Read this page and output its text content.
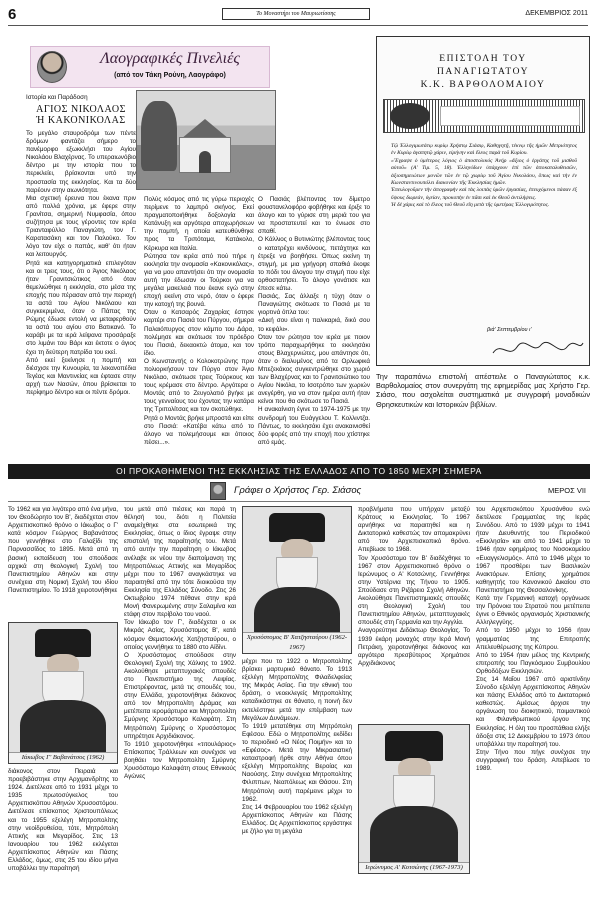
6	Το Μοναστήρι του Μαυριωτίσσης	ΔΕΚΕΜΒΡΙΟΣ 2011
Λαογραφικές Πινελιές
(από τον Τάκη Ρούνη, Λαογράφο)
Ιστορία και Παράδοση
ΑΓΙΟΣ ΝΙΚΟΛΑΟΣ
Ή ΚΑΚΟΝΙΚΟΛΑΣ
Το μεγάλο σταυροδρόμι των πέντε δρόμων φαντάζει σήμερο το πανέμορφο εξωκκλήσι του Αγίου Νικολάου Βλαχέρνας. Το υπεραιωνόβιο δέντρο με την ιστορία που το περικλείει, βρίσκονται υπό την προστασία της εκκλησίας. Και τα δύο παρέουν στην αιωνιότητα.
Μια σχετική έρευνα που έκανα πριν από πολλά χρόνια, με έφερε στην Γρανίτσα, σημερινή Νυμφασία, όπου συζήτησα με τους γέροντες τον ιερέα Τριανταφύλλο Παναγιώτη, τον Γ. Καρατασάκη και τον Παλούκο. Τον λόγο τον είχε ο παπάς, καθ' ότι ήταν και λειτουργός.
Ρητά και κατηγορηματικά επιλεγόταν και οι τρεις τους, ότι ο Άγιος Νικόλαος ήταν Γρανιτσιώτικος από όταν θεμελιώθηκε η εκκλησία, στο μέσα της εποχής που πέρασαν από την περιοχή τα αστά του Αγίου Νικόλαου και συγκεκριμένα, όταν ο Πάπας της Ρώμης έδωσε εντολή να μεταφερθούν τα οστά του αγίου στο Βατικανό. Το καράβι με τα ιερά λείψανα προσάραξε στο λιμάνι του Βάρι και έκτοτε ο άγιος έχει τη δεύτερη πατρίδα του εκεί.
Από εκεί ξεκίνησε η πομπή και διέσχισε την Κυνουρία, τα λεκανοπέδια Τεγέας και Μαντινείας και έφτασε στην αρχή των Νασών, όπου βρίσκεται το περίφημο δέντρο και οι πέντε δρόμοι.
Πολύς κόσμος από τις γύρω περιοχές περίμενε το λαμπρό σκήνος. Εκεί πραγματοποιήθηκε δοξολογία και Κατάνυξη και αργότερα αποχωρήσεων την πομπή, η οποία κατευθύνθηκε προς τα Τριπόταμα, Κατάκολο, Κέρκυρα και Ιταλία.
Ρώτησα τον ιερέα από πού πήρε η εκκλησία την ονομασία «Κακονικόλας», για να μου απαντήσει ότι την ονομασία αυτή την έδωσαν οι Τούρκοι για να μεγάλα μακελειά που έκανε εγώ στην εποχή εκείνη στο νερό, όταν ο έφερε την κατοχή της βουνά.
Όταν ο Κατσαρός Ζαχαρίας έστησε καρτέρι στο Πασιά του Πύργου, σήμερα Παλαιόπυργος στον κάμπο του Δάρα, πολέμησε και σκότωσε τον πρόεδρο του Πασιά, δεκαοκτώ άτομα, και τον ίδιο.
Ο Κωνσταντής ο Κολοκοτρώνης πριν πολιορκήσουν τον Πύργο στον Άγιο Νικόλαο, σκότωσε τρεις Τούρκους και τους κρέμασε στο δέντρο. Αργότερα ο Μοντάς από το Ζευγολατιό βγήκε με τους γενναίους του έχοντας την κατάρα της Τριπολίτσας και τον σκοτώθηκε.
Ρητά ο Μοντάς βρήκε μπροστά και είπε στο Πασιά: «Κατέβα κάτω από το άλογο να πολεμήσουμε και όποιος πέσει...».
Ο Πασιάς βλέποντας τον δίμετρο φουστανελοφόρο φοβήθηκε και έριξε το άλογο και το γύρισε στη μεριά του για να προστατευτεί και το ένιωσε στο σπαθί.
Ο Κάλλιος ο Βυτινιώτης βλέποντας τους ο κατατρέχει κινδύνους, πετάχτηκε και έτρεξε να βοηθήσει. Όπως εκείνη τη στιγμή, με μια γρήγορη σπαθιά έκοψε το πόδι του άλογου την στιγμή που είχε ορθοστατήσει. Το άλογο γονάτισε και έπεσε κάτω.
Πασιάς, Σας άλλαξε η τύχη όταν ο Παναγιώτης σκότωσε το Πασιά με τα γιορτινά όπλα του:
«Δική σου είναι η παλικαριά, δικό σου το κεφάλι».
Όταν τον ρώτησα τον ιερέα με ποιον τρόπο παραχωρήθηκε το εκκλησάκι στους Βλαχερνιώτες, μου απάντησε ότι, όταν ο διαλυμένος από τα Ορλωφικά Μπεζεκάκος συγκεντρώθηκε στο χωριό των Βλαχέρνας και το Γρανιτσιώτικο του Αγίου Νικόλα, το Ισοτρόπο των χωριών ανεγέρθη, για να στον ημέρα αυτή ήταν κείνοι που θα σκότωσε το Πασιά.
Η ανακαίνιση έγινε το 1974-1975 με την συνδρομή του Ευάγγελου Τ. Κολλιντζα. Πάντως, το εκκλησάκι έχει ανακαινισθεί δύο φορές από την εποχή που χτίστηκε από εμάς.
ΕΠΙΣΤΟΛΗ ΤΟΥ
ΠΑΝΑΓΙΩΤΑΤΟΥ
Κ.Κ. ΒΑΡΘΟΛΟΜΑΙΟΥ
Τῷ Ἐλλογιμωτάτῳ κυρίῳ Χρήστῳ Σιάσῳ, Καθηγητῇ, τέκνῳ τῆς ἡμῶν Μετριότητος ἐν Κυρίῳ ἀγαπητῷ χάριν, εἰρήνην καὶ ἔλεος παρὰ τοῦ Κυρίου.
«Ἔγραψε ὁ ὑμέτερος λόγιος ὁ ἀποστολικός Ἀνήρ «ἄξιος ὁ ἐργάτης τοῦ μισθοῦ αὐτοῦ» (Α' Τιμ. 5, 18). Ἑλληνίδων ὑπάρχουν ἐπὶ τῶν ἀποκαταλυθεισῶν, ἀξιοσημειώτων μονῶν τῶν ἐν τῷ χωρίῳ τοῦ Ἁγίου Νικολάου, ὅπως καὶ τὴν ἐν Κωνσταντινουπόλει διακονίαν τῆς Ἐκκλησίας ἡμῶν.
Ἐπευλογοῦμεν τὴν ἀπογραφὴν καὶ τὰς λοιπὰς ὑμῶν ἐργασίας, ἐπευχόμενοι πάσαν ἐξ ὕψους δωρεάν, ὑγείαν, προκοπὴν ἐν πᾶσι καὶ ἐκ Θεοῦ ἀντιλήψεις.
Ἡ δὲ χάρις καὶ τὸ ἔλεος τοῦ Θεοῦ εἴη μετὰ τῆς ὑμετέρας Ἐλλογιμότητος.
βιά' Σεπτεμβρίου ι'
Την παραπάνω επιστολή απέστειλε ο Παναγιώτατος κ.κ. Βαρθολομαίος στον συνεργάτη της εφημερίδας μας Χρήστο Γερ. Σιάσο, που ασχολείται συστηματικά με συγγραφή μοναδικών Θρησκευτικών και Ιστορικών βιβλίων.
ΟΙ ΠΡΟΚΑΘΗΜΕΝΟΙ ΤΗΣ ΕΚΚΛΗΣΙΑΣ ΤΗΣ ΕΛΛΑΔΟΣ ΑΠΟ ΤΟ 1850 ΜΕΧΡΙ ΣΗΜΕΡΑ
Γράφει ο Χρήστος Γερ. Σιάσος	ΜΕΡΟΣ VII
Το 1962 και για λιγότερο από ένα μήνα, τον Θεοδώρητο τον Β', διαδέχεται στον Αρχιεπισκοπικό θρόνο ο Ιάκωβος ο Γ' κατά κόσμον Γεώργιος Βαβανάτσος που γεννήθηκε στο Γαλαξίδι της Παρνασσίδος το 1895. Μετά από τη βασική εκπαίδευση του σπούδασε αρχικά στη θεολογική Σχολή του Πανεπιστημίου Αθηνών και στην συνέχεια στη Νομική Σχολή του ιδίου Πανεπιστημίου. Το 1918 χειροτονήθηκε
Ιάκωβος Γ' Βαβανάτσος (1962)
διάκονος στον Πειραιά και προεβιβάστηκε στην Αρχιμανδρίτης το 1924. Διετέλεσε από το 1931 μέχρι το 1935 πρωτοσύγκελος του Αρχιεπισκόπου Αθηνών Χρυσοστόμου. Διετέλεσε επίσκοπος Χριστουπόλεως και το 1955 εξελέγη Μητροπολίτης στην νεοίδρυθείσα, τότε, Μητρόπολη Αττικής και Μεγαρίδος. Στις 13 Ιανουαρίου του 1962 εκλέγεται Αρχιεπίσκοπος Αθηνών και Πάσης Ελλάδος, όμως, στις 25 του ιδίου μήνα υποβάλλει την παραίτησή
του μετά από πιέσεις και παρά τη θέλησή του, διότι η Πολιτεία αναμείχθηκε στα εσωτερικά της Εκκλησίας, όπως ο ίδιος έγραψε στην επιστολή της παραίτησής του. Μετά από αυτήν την παραίτηση ο Ιάκωβος ανέλαβε εκ νέου την διαποίμανση της Μητροπόλεως Αττικής και Μεγαρίδος μέχρι που το 1967 αναγκάστηκε να παραιτηθεί από την τότε διοικούσα την Εκκλησία της Ελλάδος Σύνοδο. Στις 26 Οκτωβρίου 1974 πέθανε στην ιερά Μονή Φανερωμένης στην Σαλαμίνα και ετάφη στον περίβολο του ναού.
Τον Ιάκωβο τον Γ', διαδέχεται ο εκ Μικράς Ασίας, Χρυσόστομος Β', κατά κόσμον Θεμιστοκλής Χατζησταύρου, ο οποίος γεννήθηκε το 1880 στο Αϊδίνι.
Ο Χρυσόστομος σπούδασε στην Θεολογική Σχολή της Χάλκης το 1902. Ακολούθησε μεταπτυχιακές σπουδές στο Πανεπιστήμιο της Λειψίας. Επιστρέφοντας, μετά τις σπουδές του, στην Ελλάδα, χειροτονήθηκε διάκονος από τον Μητροπολίτη Δράμας και μετέπειτα ιερομάρτυρα και Μητροπολίτη Σμύρνης Χρυσόστομο Καλαφάτη. Στη Μητρόπολη Σμύρνης ο Χρυσόστομος υπηρέτησε Αρχιδιάκονος.
Το 1910 χειροτονήθηκε «τιτουλάριος» Επίσκοπος Τράλλεων και συνέχισε να βοηθάει τον Μητροπολίτη Σμύρνης Χρυσόστομο Καλαφάτη στους Εθνικούς Αγώνες
Χρυσόστομος Β' Χατζησταύρου (1962-1967)
μέχρι που το 1922 ο Μητροπολίτης βρίσκει μαρτυρικό θάνατο. Το 1913 εξελέγη Μητροπολίτης Φιλαδελφείας της Μικράς Ασίας. Για την εθνική του δράση, ο νεοεκλεγείς Μητροπολίτης καταδικάστηκε σε θάνατο, η ποινή δεν εκτελέστηκε μετά την επέμβαση των Μεγάλων Δυνάμεων.
Το 1919 μετατέθηκε στη Μητρόπολη Εφέσου. Εδώ ο Μητροπολίτης εκδίδει το περιοδικό «Ο Νέος Ποιμήν» και το «Εφέσος». Μετά την Μικρασιατική καταστροφή ήρθε στην Αθήνα όπου εξελέγη Μητροπολίτης Βεροίας και Ναούσης. Στην συνέχεια Μητροπολίτης Φιλιππων, Νεαπόλεως και Θάσου. Στη Μητρόπολη αυτή παρέμεινε μέχρι το 1962.
Στις 14 Φεβρουαρίου του 1962 εξελέγη Αρχιεπίσκοπος Αθηνών και Πάσης Ελλάδος. Ως Αρχιεπίσκοπος εργάστηκε με ζήλο για τη μεγάλα
προβλήματα που υπήρχαν μεταξύ Κράτους κι Εκκλησίας. Το 1967 αρνήθηκε να παραιτηθεί και η Δικτατορικό καθεστώς τον απομακρύνει από τον Αρχιεπισκοπικό θρόνο. Απεβίωσε το 1968.
Τον Χρυσόστομο τον Β' διαδέχθηκε το 1967 στον Αρχιεπισκοπικό θρόνο ο Ιερώνυμος ο Α' Κοτσώνης. Γεννήθηκε στην Υστέρνια της Τήνου το 1905. Σπούδασε στη Ριζάρειο Σχολή Αθηνών. Ακολούθησε Πανεπιστημιακές σπουδές στη Θεολογική Σχολή του Πανεπιστημίου Αθηνών, μεταπτυχιακές σπουδές στη Γερμανία και την Αγγλία.
Αναγορεύτηκε Διδάκτωρ Θεολογίας. Το 1939 έκάρη μοναχός στην Ιερά Μονή Πετράκη, χειροτονήθηκε διάκονος και αργότερα πρεσβύτερος Χρημάτισε Αρχιδιάκονος
Ιερώνυμος Α' Κοτσώνης (1967-1973)
του Αρχιεπισκόπου Χρυσάνθου ενώ διετέλεσε Γραμματέας της Ιεράς Συνόδου. Από το 1939 μέχρι το 1941 ήταν Διευθυντής του Περιοδικού «Εκκλησία» και από το 1941 μέχρι το 1946 ήταν εφημέριος του Νοσοκομείου «Ευαγγελισμός». Από το 1946 μέχρι το 1967 προσθέρει των Βασιλικών Ανακτόρων. Επίσης χρημάτισε καθηγητής του Κανονικού Δικαίου στο Πανεπιστήμιο της Θεσσαλονίκης.
Κατά την Γερμανική κατοχή οργάνωσε την Πρόνοια του Στρατού που μετέπειτα έγινε ο Εθνικός οργανισμός Χριστιανικής Αλληλεγγύης.
Από το 1950 μέχρι το 1956 ήταν γραμματέας της Επιτροπής Απελευθέρωσης της Κύπρου.
Από το 1954 ήταν μέλος της Κεντρικής επιτροπής του Παγκόσμιου Συμβουλίου Ορθοδόξων Εκκλησιών.
Στις 14 Μαΐου 1967 από αριστίνδην Σύνοδο εξελέγη Αρχιεπίσκοπος Αθηνών και πάσης Ελλάδος από το Δικτατορικό καθεστώς. Αμέσως άρχισε την οργάνωση του διοικητικού, ποιμαντικού και Φιλανθρωπικού έργου της Εκκλησίας. Η όλη του προσπάθεια ελήξε άδοξα στις 12 Δεκεμβρίου το 1973 όπου υποβάλλει την παραίτησή του.
Στην Τήνο που πήγε συνέχισε την συγγραφική του δράση. Απεβίωσε το 1989.
